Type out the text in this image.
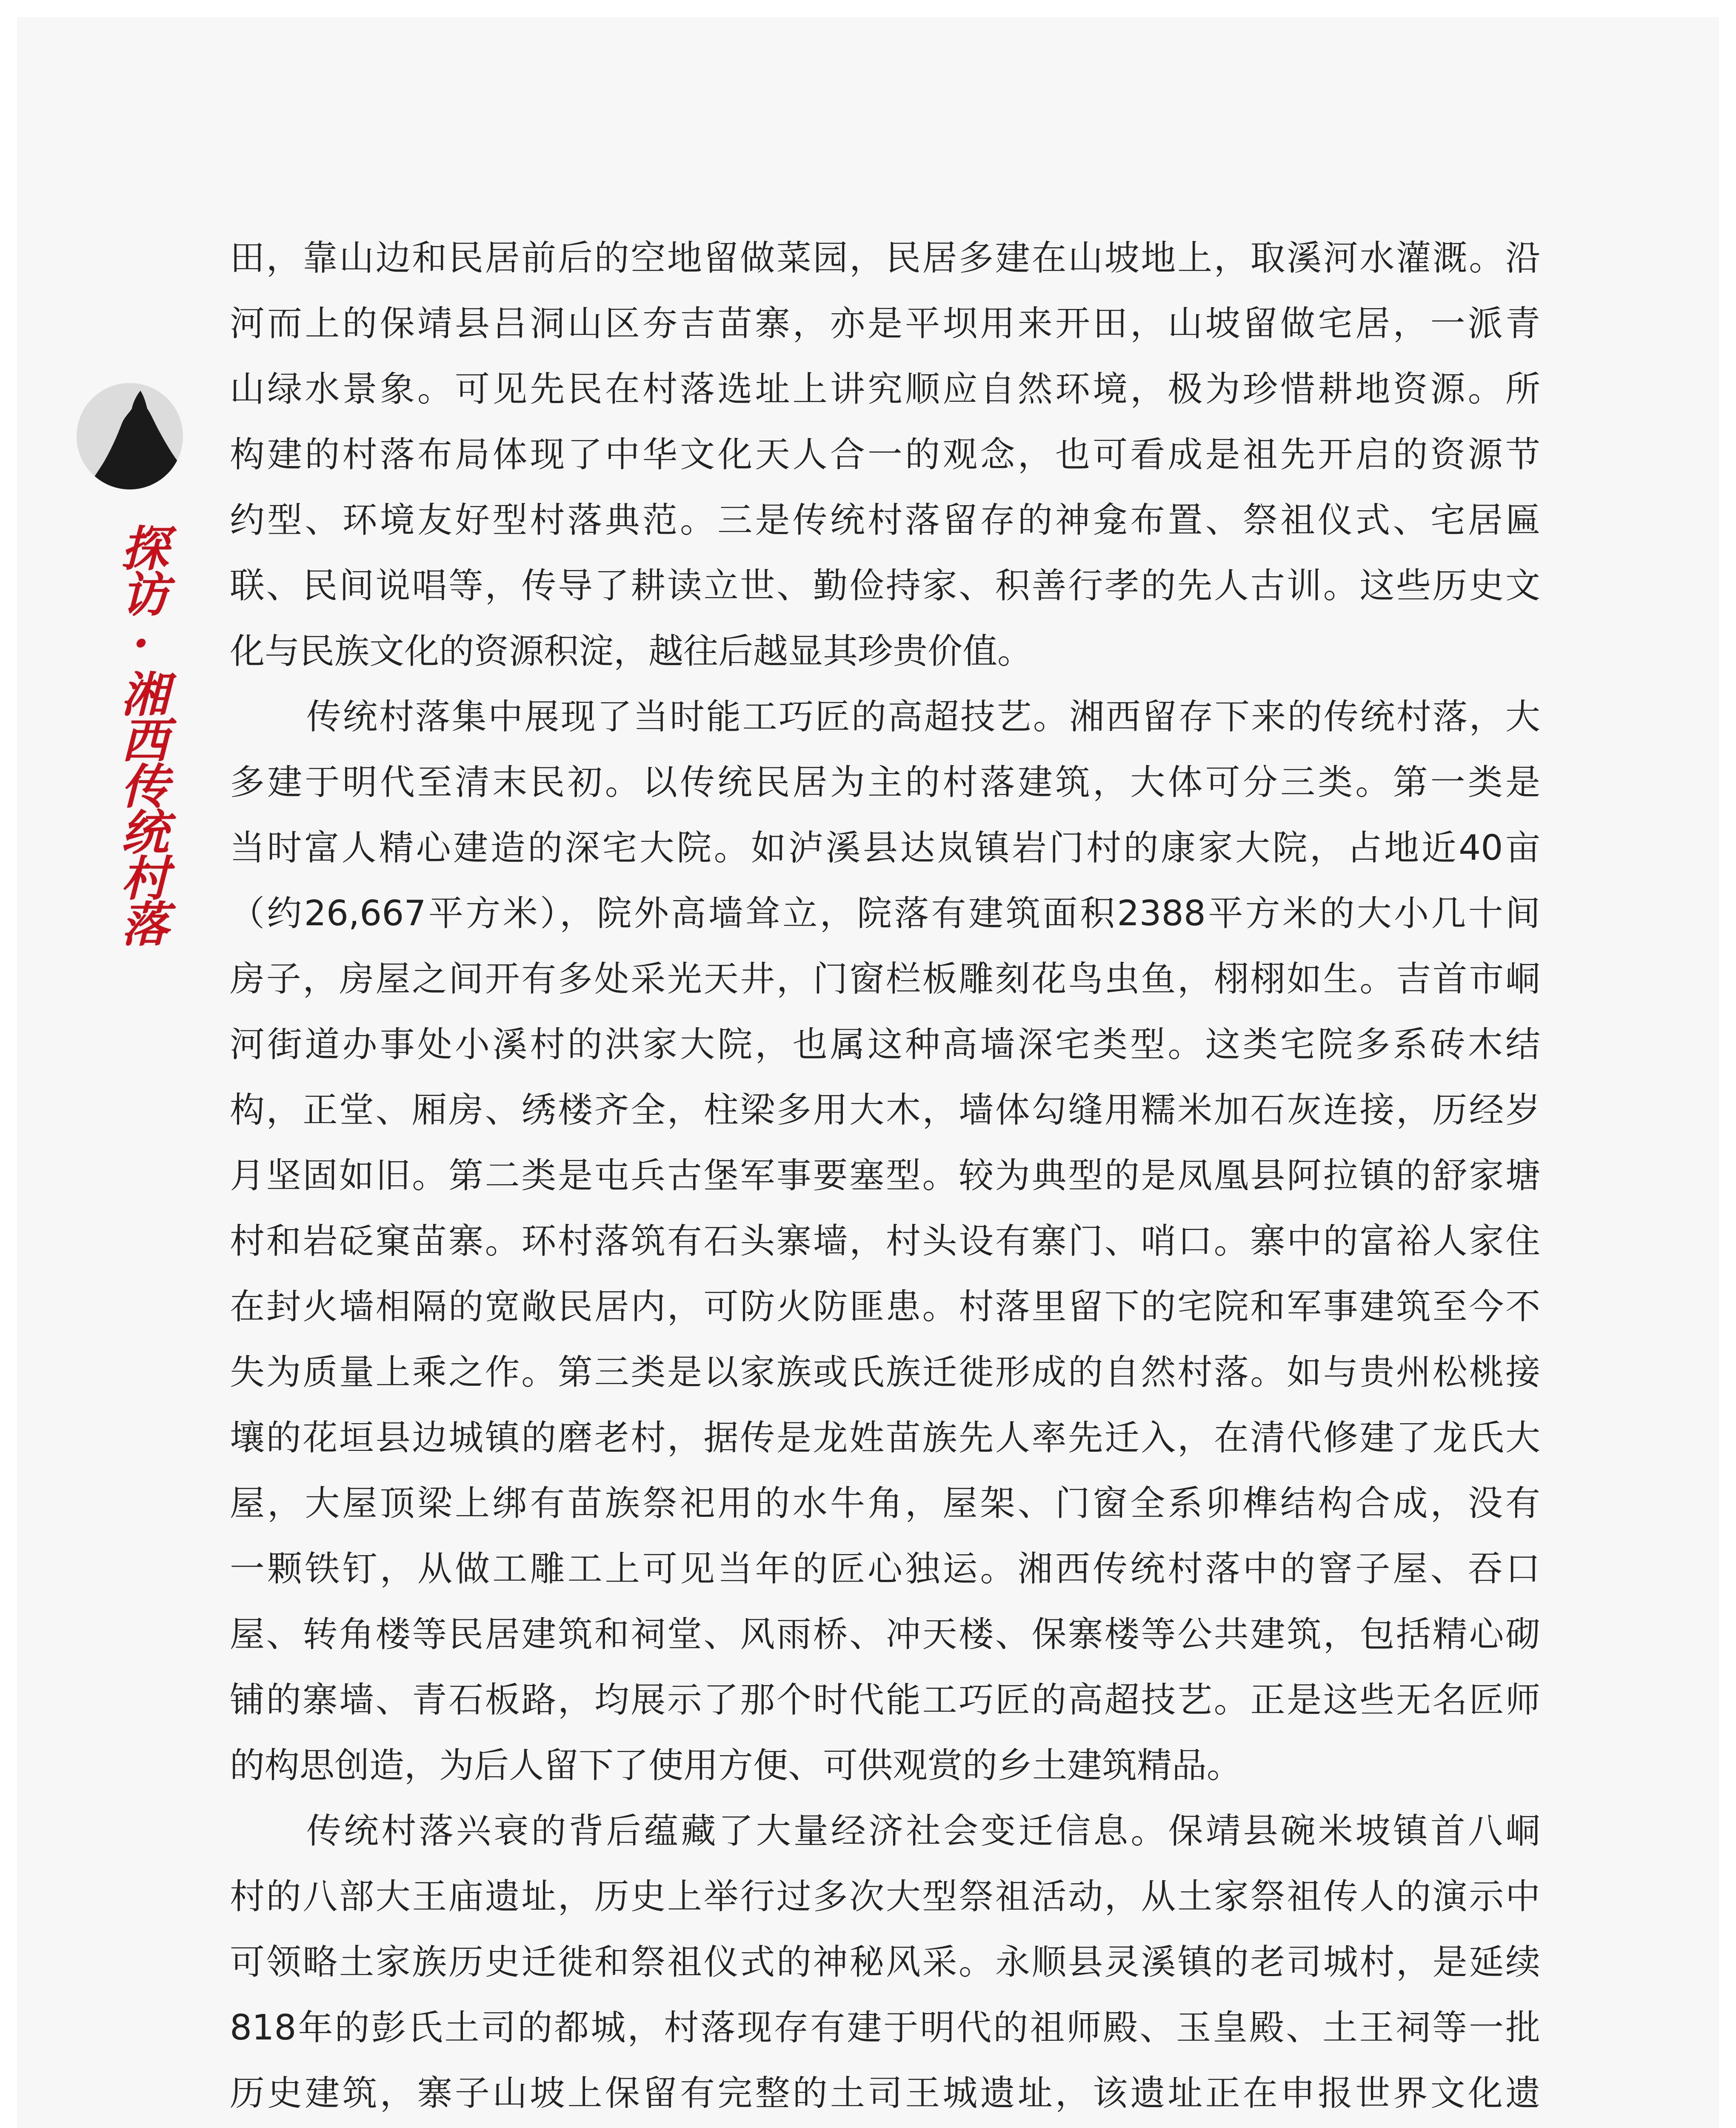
探访·湘西传统村落
田，靠山边和民居前后的空地留做菜园，民居多建在山坡地上，取溪河水灌溉。沿
河而上的保靖县吕洞山区夯吉苗寨，亦是平坝用来开田，山坡留做宅居，一派青
山绿水景象。可见先民在村落选址上讲究顺应自然环境，极为珍惜耕地资源。所
构建的村落布局体现了中华文化天人合一的观念，也可看成是祖先开启的资源节
约型、环境友好型村落典范。三是传统村落留存的神龛布置、祭祖仪式、宅居匾
联、民间说唱等，传导了耕读立世、勤俭持家、积善行孝的先人古训。这些历史文
化与民族文化的资源积淀，越往后越显其珍贵价值。
传统村落集中展现了当时能工巧匠的高超技艺。湘西留存下来的传统村落，大
多建于明代至清末民初。以传统民居为主的村落建筑，大体可分三类。第一类是
当时富人精心建造的深宅大院。如泸溪县达岚镇岩门村的康家大院，占地近40亩
（约26,667平方米），院外高墙耸立，院落有建筑面积2388平方米的大小几十间
房子，房屋之间开有多处采光天井，门窗栏板雕刻花鸟虫鱼，栩栩如生。吉首市峒
河街道办事处小溪村的洪家大院，也属这种高墙深宅类型。这类宅院多系砖木结
构，正堂、厢房、绣楼齐全，柱梁多用大木，墙体勾缝用糯米加石灰连接，历经岁
月坚固如旧。第二类是屯兵古堡军事要塞型。较为典型的是凤凰县阿拉镇的舒家塘
村和岩砭窠苗寨。环村落筑有石头寨墙，村头设有寨门、哨口。寨中的富裕人家住
在封火墙相隔的宽敞民居内，可防火防匪患。村落里留下的宅院和军事建筑至今不
失为质量上乘之作。第三类是以家族或氏族迁徙形成的自然村落。如与贵州松桃接
壤的花垣县边城镇的磨老村，据传是龙姓苗族先人率先迁入，在清代修建了龙氏大
屋，大屋顶梁上绑有苗族祭祀用的水牛角，屋架、门窗全系卯榫结构合成，没有
一颗铁钉，从做工雕工上可见当年的匠心独运。湘西传统村落中的窨子屋、吞口
屋、转角楼等民居建筑和祠堂、风雨桥、冲天楼、保寨楼等公共建筑，包括精心砌
铺的寨墙、青石板路，均展示了那个时代能工巧匠的高超技艺。正是这些无名匠师
的构思创造，为后人留下了使用方便、可供观赏的乡土建筑精品。
传统村落兴衰的背后蕴藏了大量经济社会变迁信息。保靖县碗米坡镇首八峒
村的八部大王庙遗址，历史上举行过多次大型祭祖活动，从土家祭祖传人的演示中
可领略土家族历史迁徙和祭祖仪式的神秘风采。永顺县灵溪镇的老司城村，是延续
818年的彭氏土司的都城，村落现存有建于明代的祖师殿、玉皇殿、土王祠等一批
历史建筑，寨子山坡上保留有完整的土司王城遗址，该遗址正在申报世界文化遗
